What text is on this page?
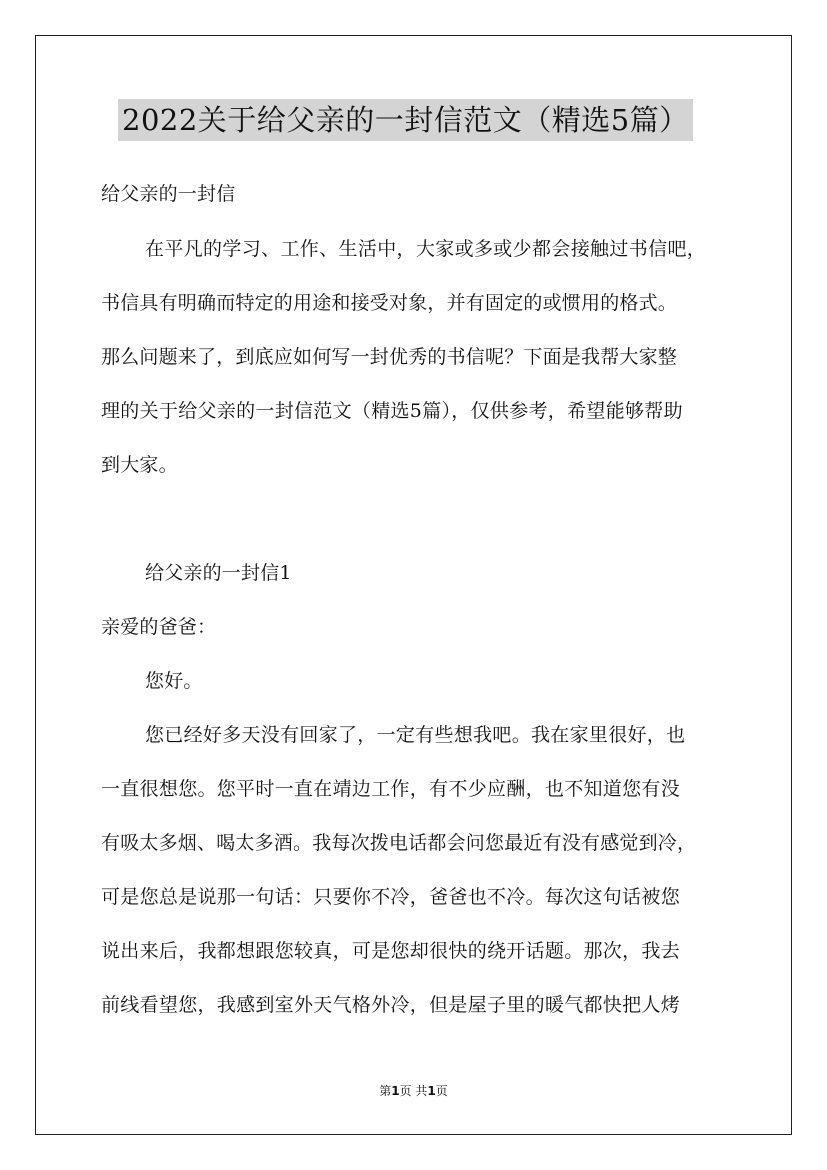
2022关于给父亲的一封信范文（精选5篇）
给父亲的一封信
在平凡的学习、工作、生活中，大家或多或少都会接触过书信吧，
书信具有明确而特定的用途和接受对象，并有固定的或惯用的格式。
那么问题来了，到底应如何写一封优秀的书信呢？下面是我帮大家整
理的关于给父亲的一封信范文（精选5篇），仅供参考，希望能够帮助
到大家。
给父亲的一封信1
亲爱的爸爸：
您好。
您已经好多天没有回家了，一定有些想我吧。我在家里很好，也
一直很想您。您平时一直在靖边工作，有不少应酬，也不知道您有没
有吸太多烟、喝太多酒。我每次拨电话都会问您最近有没有感觉到冷，
可是您总是说那一句话：只要你不冷，爸爸也不冷。每次这句话被您
说出来后，我都想跟您较真，可是您却很快的绕开话题。那次，我去
前线看望您，我感到室外天气格外冷，但是屋子里的暖气都快把人烤
第1页 共1页
